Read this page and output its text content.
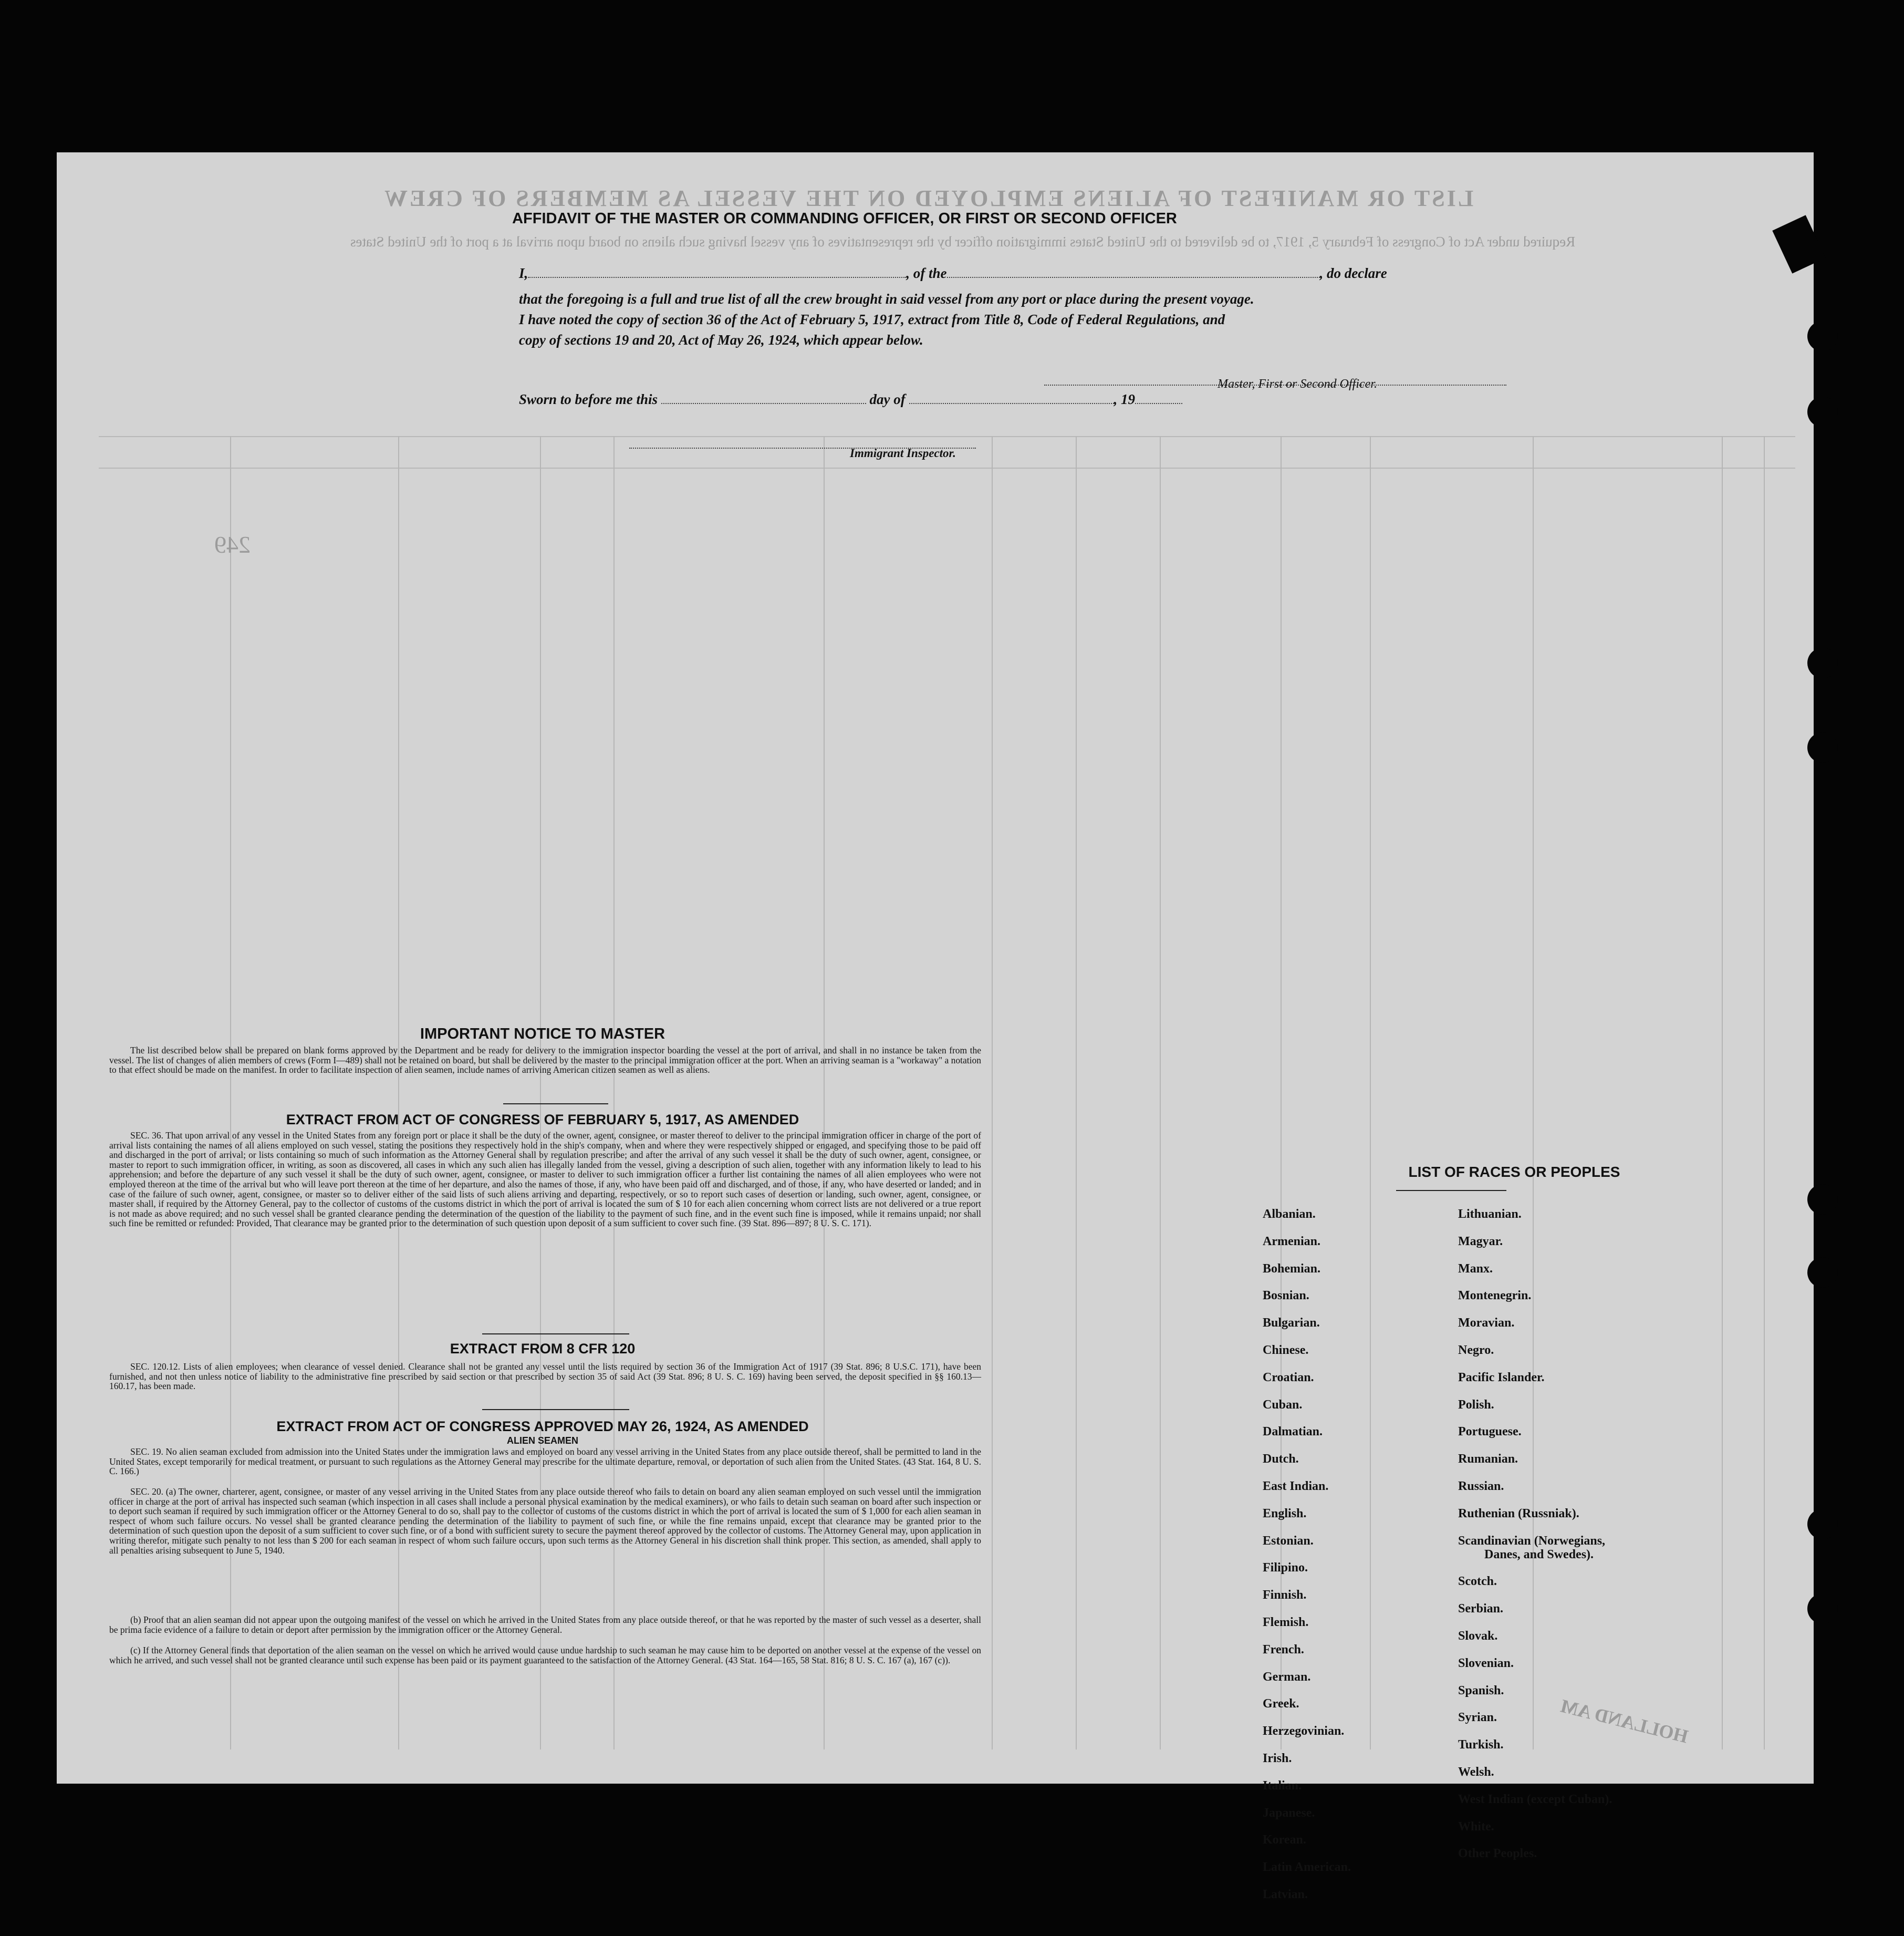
LIST OR MANIFEST OF ALIENS EMPLOYED ON THE VESSEL AS MEMBERS OF CREW
Required under Act of Congress of February 5, 1917, to be delivered to the United States immigration officer by the representatives of any vessel having such aliens on board upon arrival at a port of the United States
249
HOLLAND AM
AFFIDAVIT OF THE MASTER OR COMMANDING OFFICER, OR FIRST OR SECOND OFFICER
I,	, of the	, do declare
that the foregoing is a full and true list of all the crew brought in said vessel from any port or place during the present voyage.
I have noted the copy of section 36 of the Act of February 5, 1917, extract from Title 8, Code of Federal Regulations, and
copy of sections 19 and 20, Act of May 26, 1924, which appear below.
Master, First or Second Officer.
Sworn to before me this	day of	, 19
Immigrant Inspector.
IMPORTANT NOTICE TO MASTER

The list described below shall be prepared on blank forms approved by the Department and be ready for delivery to the immigration inspector boarding the vessel at the port of arrival, and shall in no instance be taken from the vessel. The list of changes of alien members of crews (Form I—489) shall not be retained on board, but shall be delivered by the master to the principal immigration officer at the port. When an arriving seaman is a "workaway" a notation to that effect should be made on the manifest. In order to facilitate inspection of alien seamen, include names of arriving American citizen seamen as well as aliens.

EXTRACT FROM ACT OF CONGRESS OF FEBRUARY 5, 1917, AS AMENDED

SEC. 36. That upon arrival of any vessel in the United States from any foreign port or place it shall be the duty of the owner, agent, consignee, or master thereof to deliver to the principal immigration officer in charge of the port of arrival lists containing the names of all aliens employed on such vessel, stating the positions they respectively hold in the ship's company, when and where they were respectively shipped or engaged, and specifying those to be paid off and discharged in the port of arrival; or lists containing so much of such information as the Attorney General shall by regulation prescribe; and after the arrival of any such vessel it shall be the duty of such owner, agent, consignee, or master to report to such immigration officer, in writing, as soon as discovered, all cases in which any such alien has illegally landed from the vessel, giving a description of such alien, together with any information likely to lead to his apprehension; and before the departure of any such vessel it shall be the duty of such owner, agent, consignee, or master to deliver to such immigration officer a further list containing the names of all alien employees who were not employed thereon at the time of the arrival but who will leave port thereon at the time of her departure, and also the names of those, if any, who have been paid off and discharged, and of those, if any, who have deserted or landed; and in case of the failure of such owner, agent, consignee, or master so to deliver either of the said lists of such aliens arriving and departing, respectively, or so to report such cases of desertion or landing, such owner, agent, consignee, or master shall, if required by the Attorney General, pay to the collector of customs of the customs district in which the port of arrival is located the sum of $ 10 for each alien concerning whom correct lists are not delivered or a true report is not made as above required; and no such vessel shall be granted clearance pending the determination of the question of the liability to the payment of such fine, and in the event such fine is imposed, while it remains unpaid; nor shall such fine be remitted or refunded: Provided, That clearance may be granted prior to the determination of such question upon deposit of a sum sufficient to cover such fine. (39 Stat. 896—897; 8 U. S. C. 171).

EXTRACT FROM 8 CFR 120

SEC. 120.12. Lists of alien employees; when clearance of vessel denied. Clearance shall not be granted any vessel until the lists required by section 36 of the Immigration Act of 1917 (39 Stat. 896; 8 U.S.C. 171), have been furnished, and not then unless notice of liability to the administrative fine prescribed by said section or that prescribed by section 35 of said Act (39 Stat. 896; 8 U. S. C. 169) having been served, the deposit specified in §§ 160.13—160.17, has been made.

EXTRACT FROM ACT OF CONGRESS APPROVED MAY 26, 1924, AS AMENDED
ALIEN SEAMEN

SEC. 19. No alien seaman excluded from admission into the United States under the immigration laws and employed on board any vessel arriving in the United States from any place outside thereof, shall be permitted to land in the United States, except temporarily for medical treatment, or pursuant to such regulations as the Attorney General may prescribe for the ultimate departure, removal, or deportation of such alien from the United States. (43 Stat. 164, 8 U. S. C. 166.)

SEC. 20. (a) The owner, charterer, agent, consignee, or master of any vessel arriving in the United States from any place outside thereof who fails to detain on board any alien seaman employed on such vessel until the immigration officer in charge at the port of arrival has inspected such seaman (which inspection in all cases shall include a personal physical examination by the medical examiners), or who fails to detain such seaman on board after such inspection or to deport such seaman if required by such immigration officer or the Attorney General to do so, shall pay to the collector of customs of the customs district in which the port of arrival is located the sum of $ 1,000 for each alien seaman in respect of whom such failure occurs. No vessel shall be granted clearance pending the determination of the liability to payment of such fine, or while the fine remains unpaid, except that clearance may be granted prior to the determination of such question upon the deposit of a sum sufficient to cover such fine, or of a bond with sufficient surety to secure the payment thereof approved by the collector of customs. The Attorney General may, upon application in writing therefor, mitigate such penalty to not less than $ 200 for each seaman in respect of whom such failure occurs, upon such terms as the Attorney General in his discretion shall think proper. This section, as amended, shall apply to all penalties arising subsequent to June 5, 1940.

(b) Proof that an alien seaman did not appear upon the outgoing manifest of the vessel on which he arrived in the United States from any place outside thereof, or that he was reported by the master of such vessel as a deserter, shall be prima facie evidence of a failure to detain or deport after permission by the immigration officer or the Attorney General.

(c) If the Attorney General finds that deportation of the alien seaman on the vessel on which he arrived would cause undue hardship to such seaman he may cause him to be deported on another vessel at the expense of the vessel on which he arrived, and such vessel shall not be granted clearance until such expense has been paid or its payment guaranteed to the satisfaction of the Attorney General. (43 Stat. 164—165, 58 Stat. 816; 8 U. S. C. 167 (a), 167 (c)).

LIST OF RACES OR PEOPLES
Albanian.
Armenian.
Bohemian.
Bosnian.
Bulgarian.
Chinese.
Croatian.
Cuban.
Dalmatian.
Dutch.
East Indian.
English.
Estonian.
Filipino.
Finnish.
Flemish.
French.
German.
Greek.
Herzegovinian.
Irish.
Italian.
Japanese.
Korean.
Latin American.
Latvian.
Lithuanian.
Magyar.
Manx.
Montenegrin.
Moravian.
Negro.
Pacific Islander.
Polish.
Portuguese.
Rumanian.
Russian.
Ruthenian (Russniak).
Scandinavian (Norwegians,
Danes, and Swedes).
Scotch.
Serbian.
Slovak.
Slovenian.
Spanish.
Syrian.
Turkish.
Welsh.
West Indian (except Cuban).
White.
Other Peoples.
